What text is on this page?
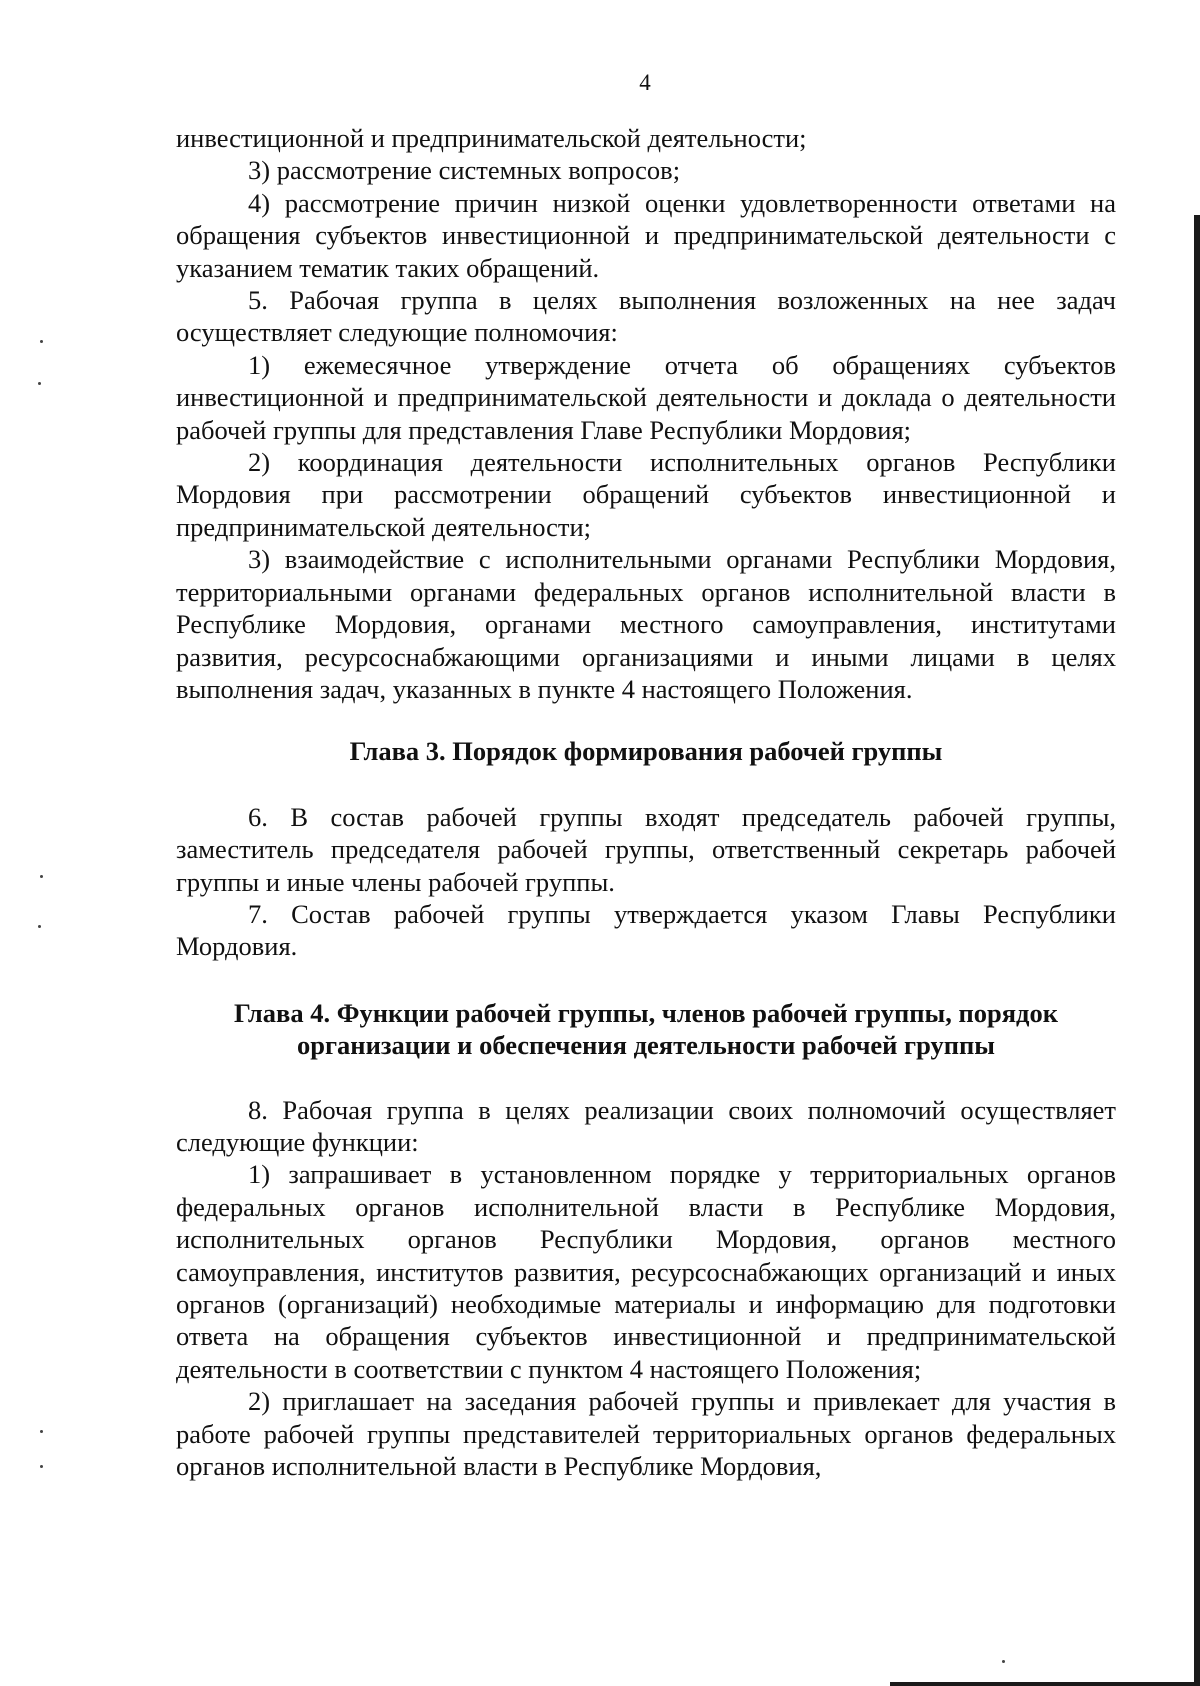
4

инвестиционной и предпринимательской деятельности;

3) рассмотрение системных вопросов;

4) рассмотрение причин низкой оценки удовлетворенности ответами на обращения субъектов инвестиционной и предпринимательской деятельности с указанием тематик таких обращений.

5. Рабочая группа в целях выполнения возложенных на нее задач осуществляет следующие полномочия:

1) ежемесячное утверждение отчета об обращениях субъектов инвестиционной и предпринимательской деятельности и доклада о деятельности рабочей группы для представления Главе Республики Мордовия;

2) координация деятельности исполнительных органов Республики Мордовия при рассмотрении обращений субъектов инвестиционной и предпринимательской деятельности;

3) взаимодействие с исполнительными органами Республики Мордовия, территориальными органами федеральных органов исполнительной власти в Республике Мордовия, органами местного самоуправления, институтами развития, ресурсоснабжающими организациями и иными лицами в целях выполнения задач, указанных в пункте 4 настоящего Положения.

Глава 3. Порядок формирования рабочей группы

6. В состав рабочей группы входят председатель рабочей группы, заместитель председателя рабочей группы, ответственный секретарь рабочей группы и иные члены рабочей группы.

7. Состав рабочей группы утверждается указом Главы Республики Мордовия.

Глава 4. Функции рабочей группы, членов рабочей группы, порядок
организации и обеспечения деятельности рабочей группы

8. Рабочая группа в целях реализации своих полномочий осуществляет следующие функции:

1) запрашивает в установленном порядке у территориальных органов федеральных органов исполнительной власти в Республике Мордовия, исполнительных органов Республики Мордовия, органов местного самоуправления, институтов развития, ресурсоснабжающих организаций и иных органов (организаций) необходимые материалы и информацию для подготовки ответа на обращения субъектов инвестиционной и предпринимательской деятельности в соответствии с пунктом 4 настоящего Положения;

2) приглашает на заседания рабочей группы и привлекает для участия в работе рабочей группы представителей территориальных органов федеральных органов исполнительной власти в Республике Мордовия,
